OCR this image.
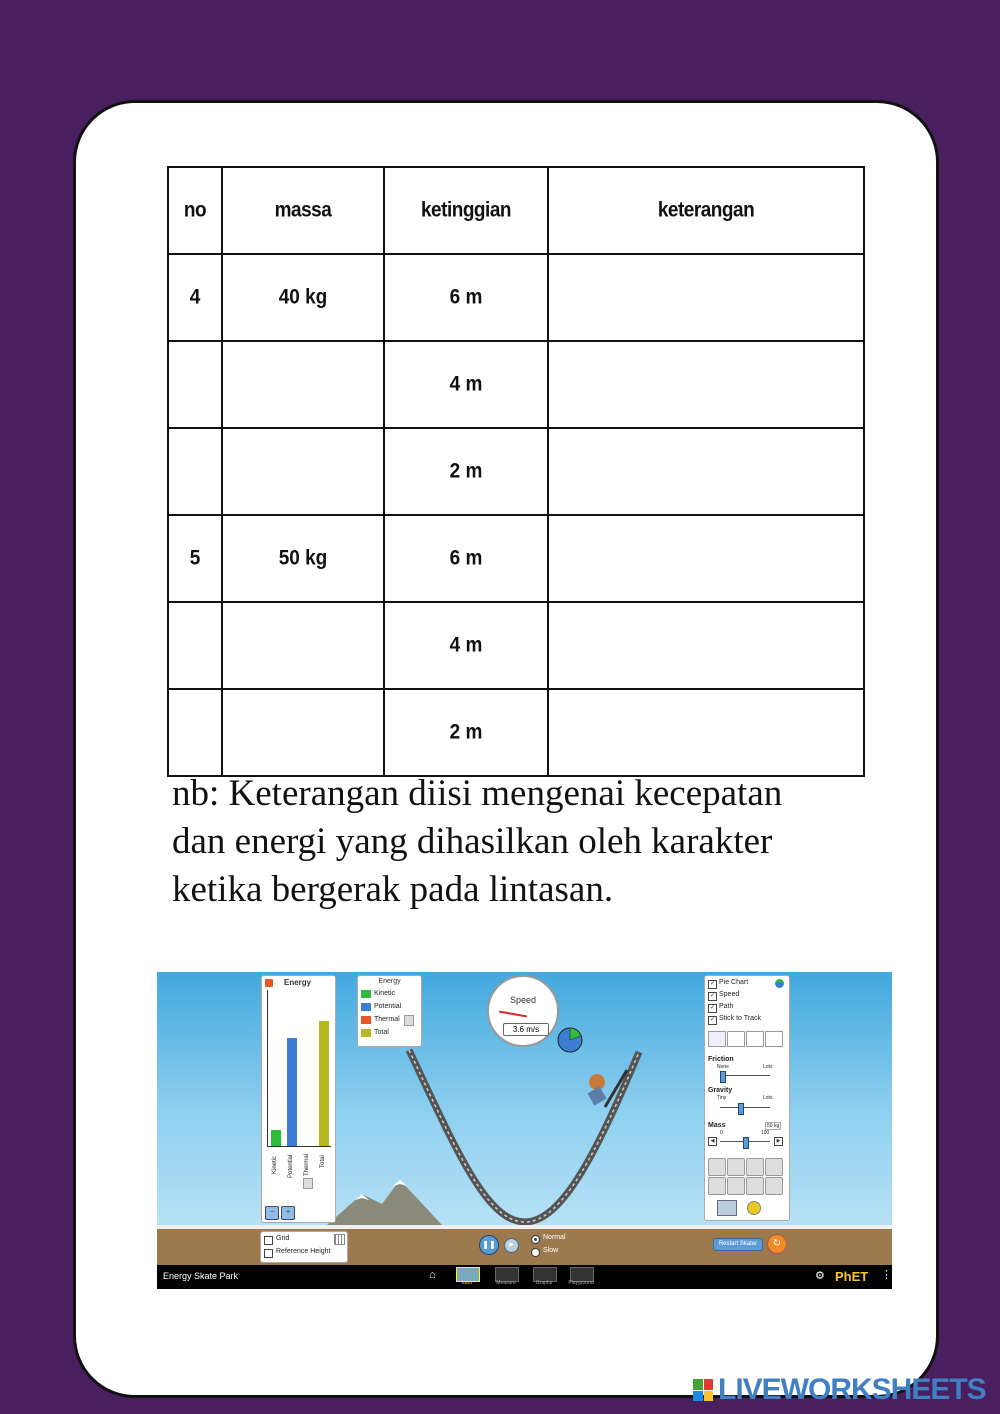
no	massa	ketinggian	keterangan
4	40 kg	6 m	
		4 m	
		2 m	
5	50 kg	6 m	
		4 m	
		2 m	
nb: Keterangan diisi mengenai kecepatan
dan energi yang dihasilkan oleh karakter
ketika bergerak pada lintasan.
Speed
3.6 m/s
Energy
Kinetic Potential Thermal Total
−	+
Energy
Kinetic
Potential
Thermal
Total
✓ Pie Chart
✓ Speed
✓ Path
✓ Stick to Track
Friction
None	Lots
Gravity
Tiny	Lots
Mass	50 kg
0	100
◀	▶
Grid
Reference Height
❚❚	▶
Normal
Slow
Restart Skater	↻
Energy Skate Park	⌂
Intro	Measure	Graphs	Playground
⚙ PhET ⋮
LIVEWORKSHEETS
